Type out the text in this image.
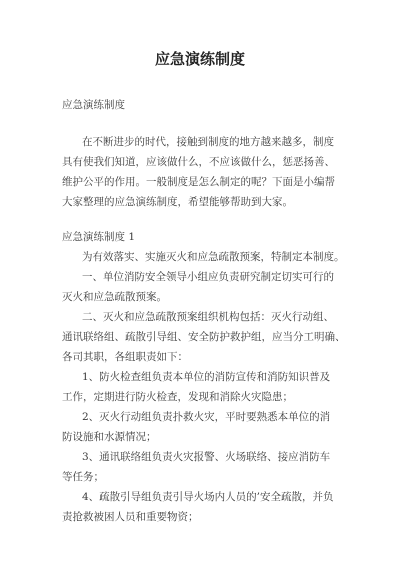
应急演练制度
应急演练制度
在不断进步的时代，接触到制度的地方越来越多，制度
具有使我们知道，应该做什么，不应该做什么，惩恶扬善、
维护公平的作用。一般制度是怎么制定的呢？下面是小编帮
大家整理的应急演练制度，希望能够帮助到大家。
应急演练制度 1
为有效落实、实施灭火和应急疏散预案，特制定本制度。
一、单位消防安全领导小组应负责研究制定切实可行的
灭火和应急疏散预案。
二、灭火和应急疏散预案组织机构包括：灭火行动组、
通讯联络组、疏散引导组、安全防护救护组，应当分工明确、
各司其职，各组职责如下：
1、防火检查组负责本单位的消防宣传和消防知识普及
工作，定期进行防火检查，发现和消除火灾隐患；
2、灭火行动组负责扑救火灾，平时要熟悉本单位的消
防设施和水源情况；
3、通讯联络组负责火灾报警、火场联络、接应消防车
等任务；
4、疏散引导组负责引导火场内人员的’安全疏散，并负
责抢救被困人员和重要物资；
